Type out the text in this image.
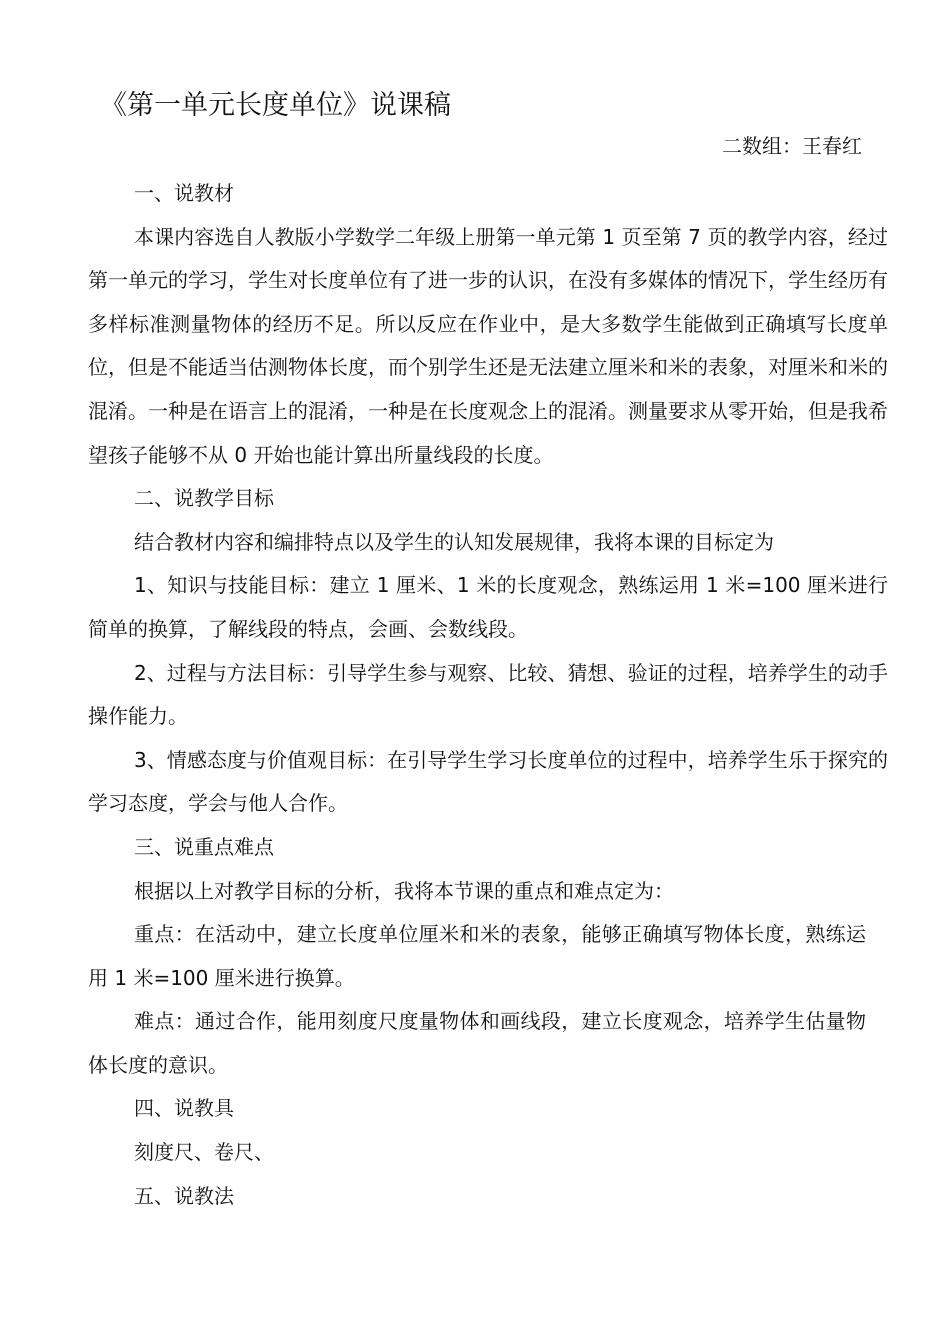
《第一单元长度单位》说课稿
二数组：王春红

一、说教材

本课内容选自人教版小学数学二年级上册第一单元第 1 页至第 7 页的教学内容，经过第一单元的学习，学生对长度单位有了进一步的认识，在没有多媒体的情况下，学生经历有多样标准测量物体的经历不足。所以反应在作业中，是大多数学生能做到正确填写长度单位，但是不能适当估测物体长度，而个别学生还是无法建立厘米和米的表象，对厘米和米的混淆。一种是在语言上的混淆，一种是在长度观念上的混淆。测量要求从零开始，但是我希望孩子能够不从 0 开始也能计算出所量线段的长度。

二、说教学目标

结合教材内容和编排特点以及学生的认知发展规律，我将本课的目标定为

1、知识与技能目标：建立 1 厘米、1 米的长度观念，熟练运用 1 米=100 厘米进行简单的换算，了解线段的特点，会画、会数线段。

2、过程与方法目标：引导学生参与观察、比较、猜想、验证的过程，培养学生的动手操作能力。

3、情感态度与价值观目标：在引导学生学习长度单位的过程中，培养学生乐于探究的学习态度，学会与他人合作。

三、说重点难点

根据以上对教学目标的分析，我将本节课的重点和难点定为：

重点：在活动中，建立长度单位厘米和米的表象，能够正确填写物体长度，熟练运用 1 米=100 厘米进行换算。

难点：通过合作，能用刻度尺度量物体和画线段，建立长度观念，培养学生估量物体长度的意识。

四、说教具

刻度尺、卷尺、

五、说教法
